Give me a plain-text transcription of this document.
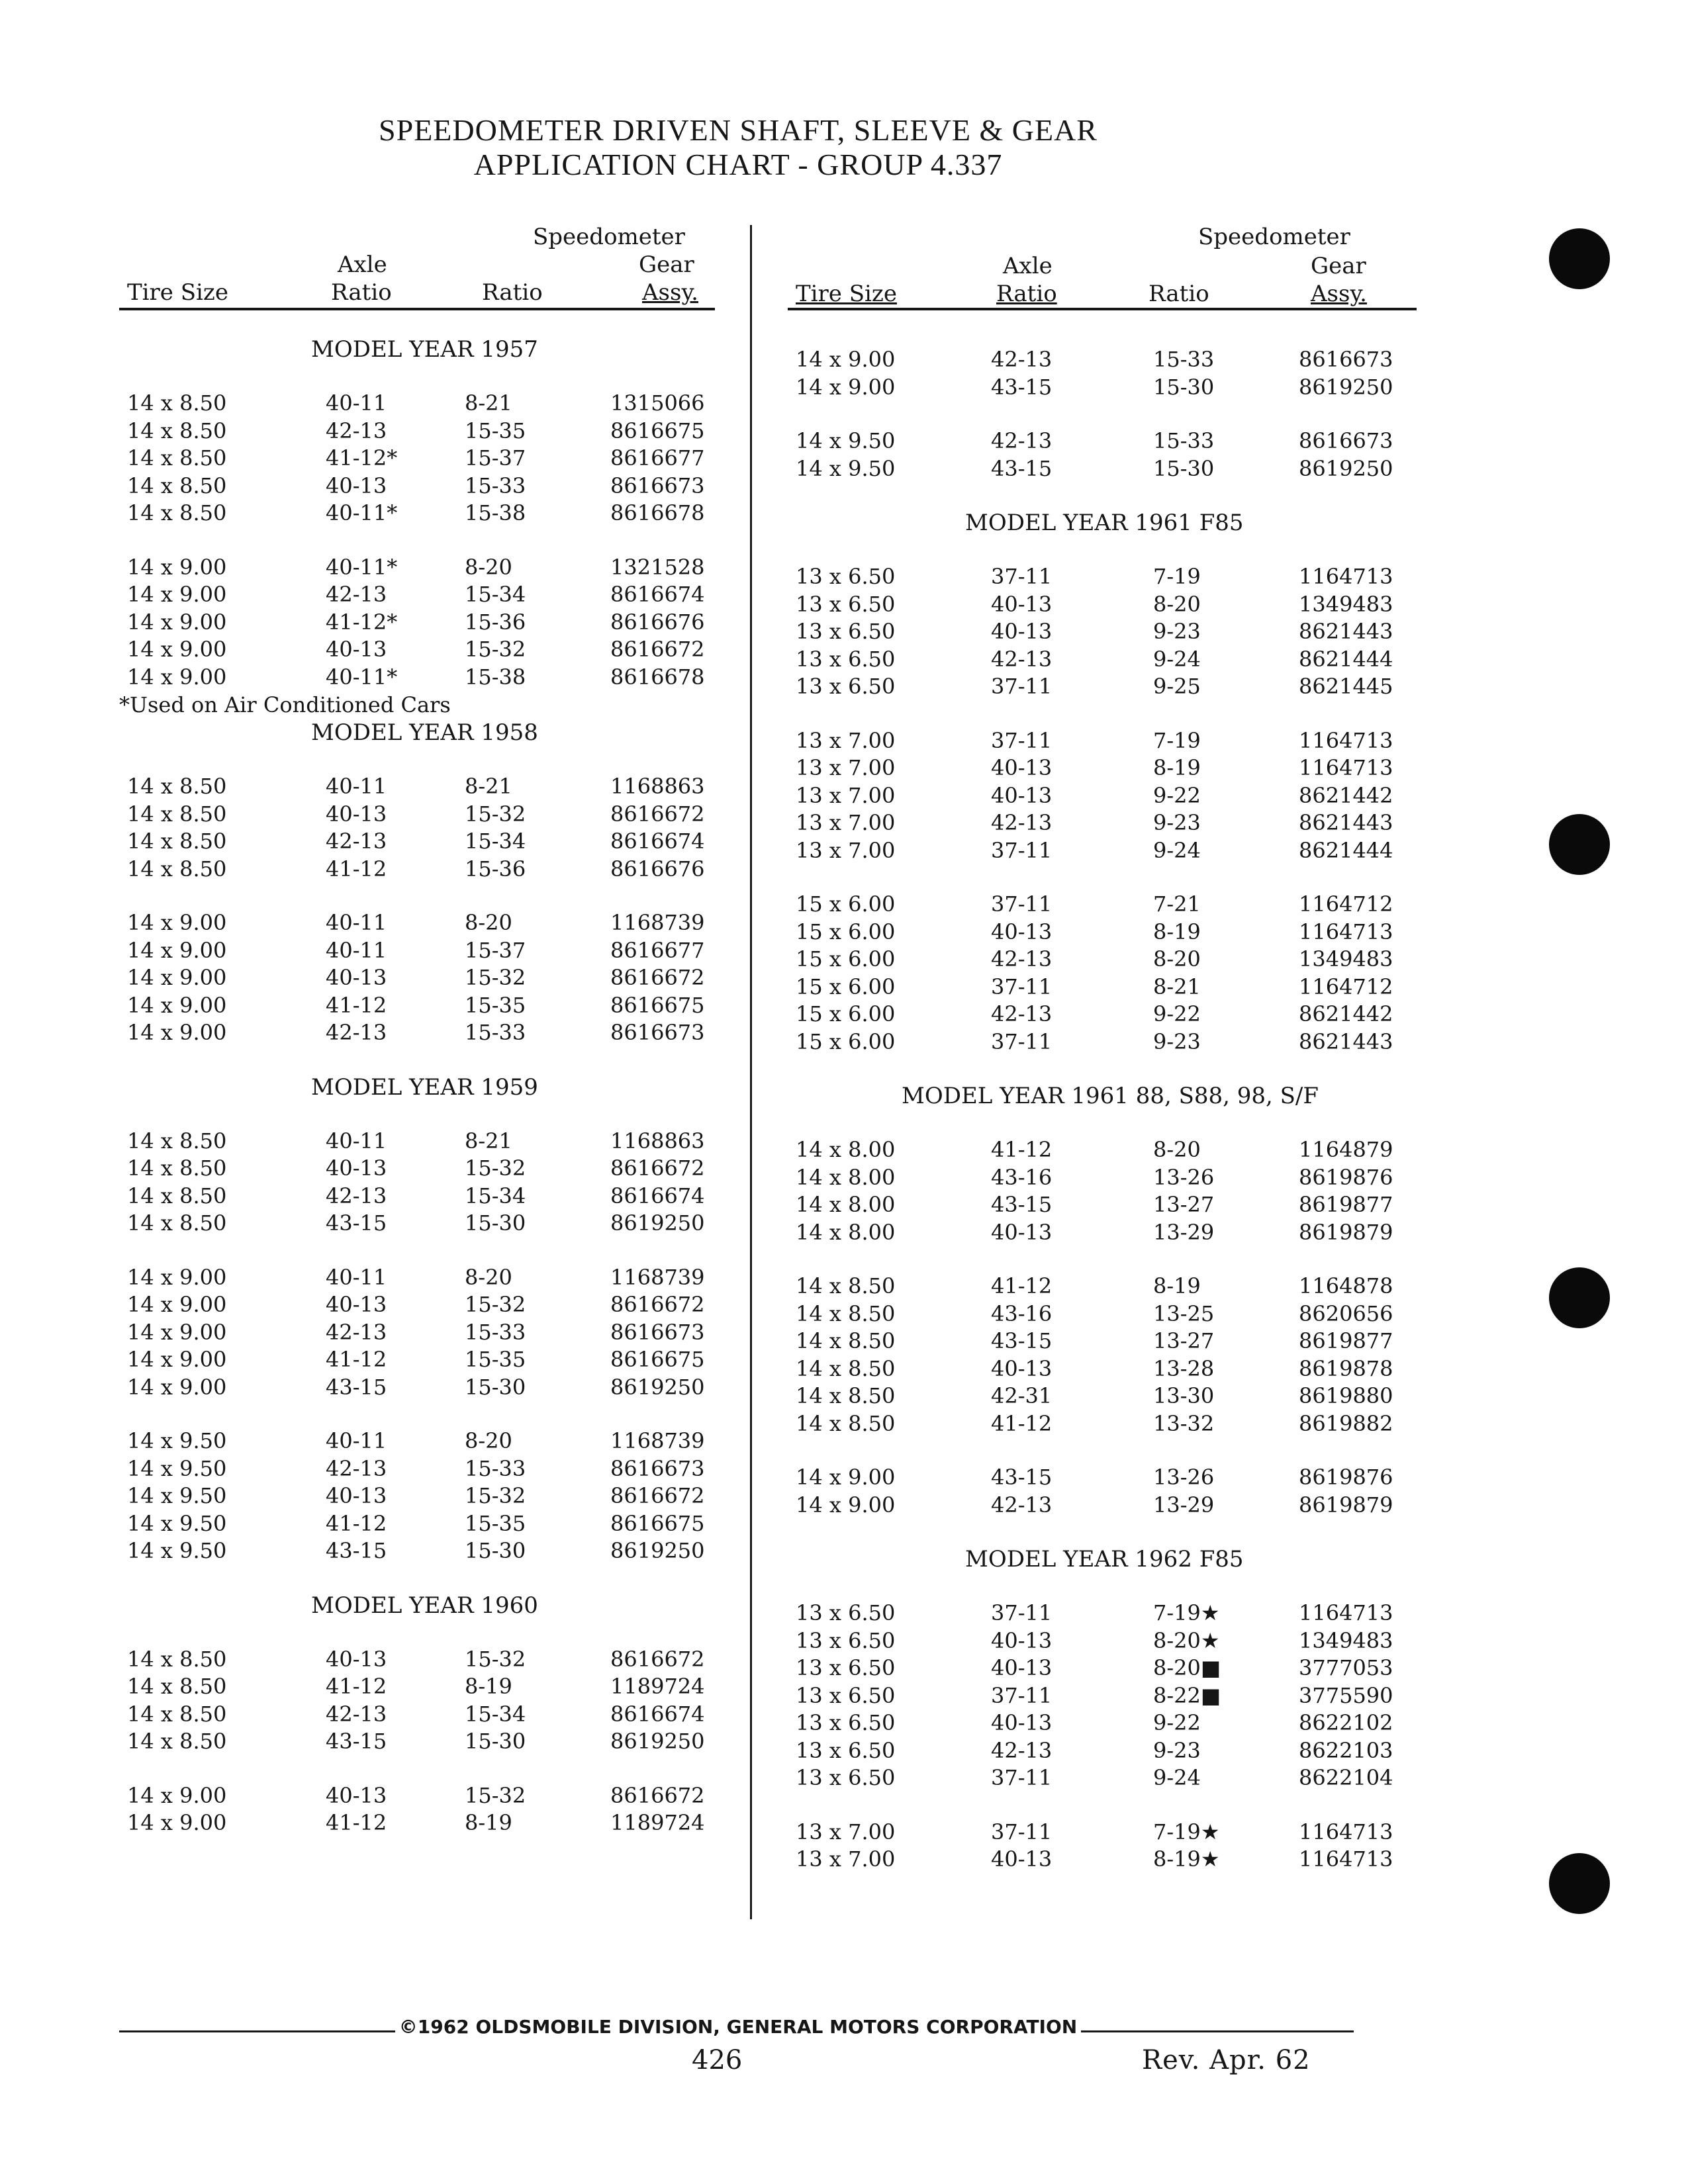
SPEEDOMETER DRIVEN SHAFT, SLEEVE & GEAR
APPLICATION CHART - GROUP 4.337
Speedometer
Axle	Gear
Tire Size	Ratio	Ratio	Assy.
MODEL YEAR 1957
14 x 8.50	40-11	8-21	1315066
14 x 8.50	42-13	15-35	8616675
14 x 8.50	41-12*	15-37	8616677
14 x 8.50	40-13	15-33	8616673
14 x 8.50	40-11*	15-38	8616678
14 x 9.00	40-11*	8-20	1321528
14 x 9.00	42-13	15-34	8616674
14 x 9.00	41-12*	15-36	8616676
14 x 9.00	40-13	15-32	8616672
14 x 9.00	40-11*	15-38	8616678
*Used on Air Conditioned Cars
MODEL YEAR 1958
14 x 8.50	40-11	8-21	1168863
14 x 8.50	40-13	15-32	8616672
14 x 8.50	42-13	15-34	8616674
14 x 8.50	41-12	15-36	8616676
14 x 9.00	40-11	8-20	1168739
14 x 9.00	40-11	15-37	8616677
14 x 9.00	40-13	15-32	8616672
14 x 9.00	41-12	15-35	8616675
14 x 9.00	42-13	15-33	8616673
MODEL YEAR 1959
14 x 8.50	40-11	8-21	1168863
14 x 8.50	40-13	15-32	8616672
14 x 8.50	42-13	15-34	8616674
14 x 8.50	43-15	15-30	8619250
14 x 9.00	40-11	8-20	1168739
14 x 9.00	40-13	15-32	8616672
14 x 9.00	42-13	15-33	8616673
14 x 9.00	41-12	15-35	8616675
14 x 9.00	43-15	15-30	8619250
14 x 9.50	40-11	8-20	1168739
14 x 9.50	42-13	15-33	8616673
14 x 9.50	40-13	15-32	8616672
14 x 9.50	41-12	15-35	8616675
14 x 9.50	43-15	15-30	8619250
MODEL YEAR 1960
14 x 8.50	40-13	15-32	8616672
14 x 8.50	41-12	8-19	1189724
14 x 8.50	42-13	15-34	8616674
14 x 8.50	43-15	15-30	8619250
14 x 9.00	40-13	15-32	8616672
14 x 9.00	41-12	8-19	1189724
Speedometer
Axle	Gear
Tire Size	Ratio	Ratio	Assy.
14 x 9.00	42-13	15-33	8616673
14 x 9.00	43-15	15-30	8619250
14 x 9.50	42-13	15-33	8616673
14 x 9.50	43-15	15-30	8619250
MODEL YEAR 1961 F85
13 x 6.50	37-11	7-19	1164713
13 x 6.50	40-13	8-20	1349483
13 x 6.50	40-13	9-23	8621443
13 x 6.50	42-13	9-24	8621444
13 x 6.50	37-11	9-25	8621445
13 x 7.00	37-11	7-19	1164713
13 x 7.00	40-13	8-19	1164713
13 x 7.00	40-13	9-22	8621442
13 x 7.00	42-13	9-23	8621443
13 x 7.00	37-11	9-24	8621444
15 x 6.00	37-11	7-21	1164712
15 x 6.00	40-13	8-19	1164713
15 x 6.00	42-13	8-20	1349483
15 x 6.00	37-11	8-21	1164712
15 x 6.00	42-13	9-22	8621442
15 x 6.00	37-11	9-23	8621443
MODEL YEAR 1961 88, S88, 98, S/F
14 x 8.00	41-12	8-20	1164879
14 x 8.00	43-16	13-26	8619876
14 x 8.00	43-15	13-27	8619877
14 x 8.00	40-13	13-29	8619879
14 x 8.50	41-12	8-19	1164878
14 x 8.50	43-16	13-25	8620656
14 x 8.50	43-15	13-27	8619877
14 x 8.50	40-13	13-28	8619878
14 x 8.50	42-31	13-30	8619880
14 x 8.50	41-12	13-32	8619882
14 x 9.00	43-15	13-26	8619876
14 x 9.00	42-13	13-29	8619879
MODEL YEAR 1962 F85
13 x 6.50	37-11	7-19★	1164713
13 x 6.50	40-13	8-20★	1349483
13 x 6.50	40-13	8-20■	3777053
13 x 6.50	37-11	8-22■	3775590
13 x 6.50	40-13	9-22	8622102
13 x 6.50	42-13	9-23	8622103
13 x 6.50	37-11	9-24	8622104
13 x 7.00	37-11	7-19★	1164713
13 x 7.00	40-13	8-19★	1164713
©1962 OLDSMOBILE DIVISION, GENERAL MOTORS CORPORATION
426	Rev. Apr. 62
